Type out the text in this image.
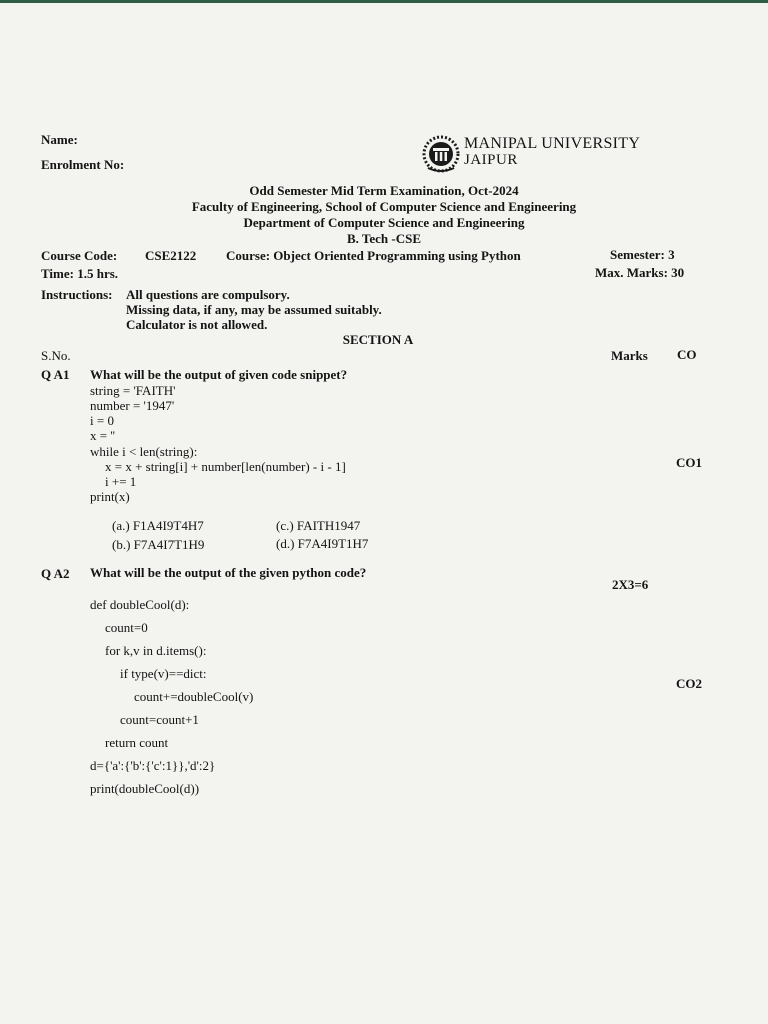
Name:
Enrolment No:
MANIPAL UNIVERSITY
JAIPUR
Odd Semester Mid Term Examination, Oct-2024
Faculty of Engineering, School of Computer Science and Engineering
Department of Computer Science and Engineering
B. Tech -CSE
Course Code: CSE2122 Course: Object Oriented Programming using Python	Semester: 3
Time: 1.5 hrs.	Max. Marks: 30
Instructions: All questions are compulsory.
Missing data, if any, may be assumed suitably.
Calculator is not allowed.
SECTION A
S.No.	Marks CO
Q A1 What will be the output of given code snippet?
string = 'FAITH'
number = '1947'
i = 0
x = ''
while i < len(string):
x = x + string[i] + number[len(number) - i - 1]
i += 1
print(x)
CO1
(a.) F1A4I9T4H7
(b.) F7A4I7T1H9
(c.) FAITH1947
(d.) F7A4I9T1H7
Q A2 What will be the output of the given python code?
2X3=6
def doubleCool(d):
count=0
for k,v in d.items():
if type(v)==dict:
count+=doubleCool(v)
count=count+1
return count
d={'a':{'b':{'c':1}},'d':2}
print(doubleCool(d))
CO2
